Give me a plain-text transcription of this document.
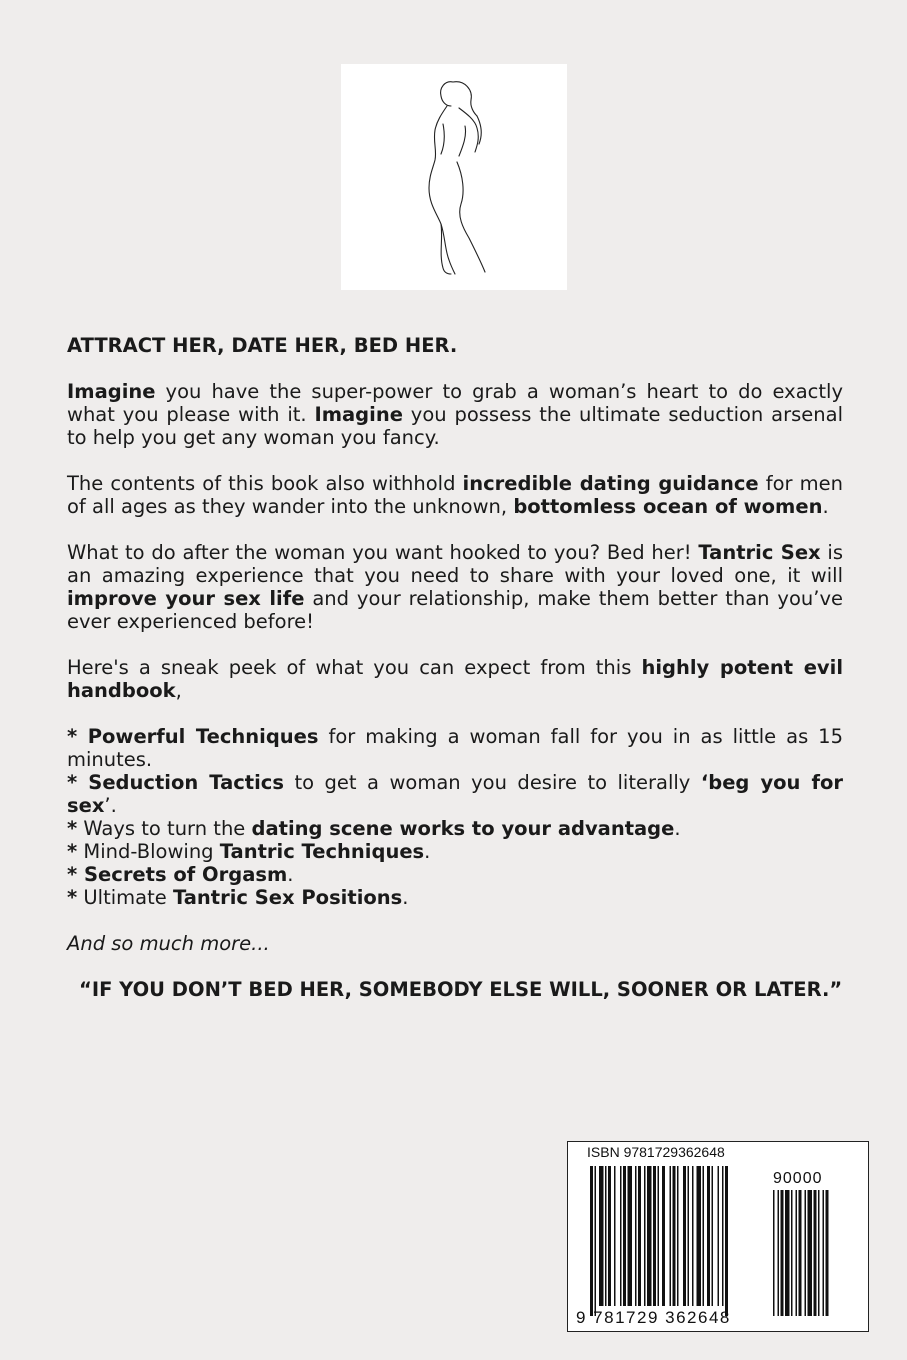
ATTRACT HER, DATE HER, BED HER.

Imagine you have the super-power to grab a woman’s heart to do exactly what you please with it. Imagine you possess the ultimate seduction arsenal to help you get any woman you fancy.

The contents of this book also withhold incredible dating guidance for men of all ages as they wander into the unknown, bottomless ocean of women.

What to do after the woman you want hooked to you? Bed her! Tantric Sex is an amazing experience that you need to share with your loved one, it will improve your sex life and your relationship, make them better than you’ve ever experienced before!

Here's a sneak peek of what you can expect from this highly potent evil handbook,

* Powerful Techniques for making a woman fall for you in as little as 15 minutes.

* Seduction Tactics to get a woman you desire to literally ‘beg you for sex’.

* Ways to turn the dating scene works to your advantage.

* Mind-Blowing Tantric Techniques.

* Secrets of Orgasm.

* Ultimate Tantric Sex Positions.

And so much more...

“IF YOU DON’T BED HER, SOMEBODY ELSE WILL, SOONER OR LATER.”

ISBN 9781729362648
90000
9 781729 362648
